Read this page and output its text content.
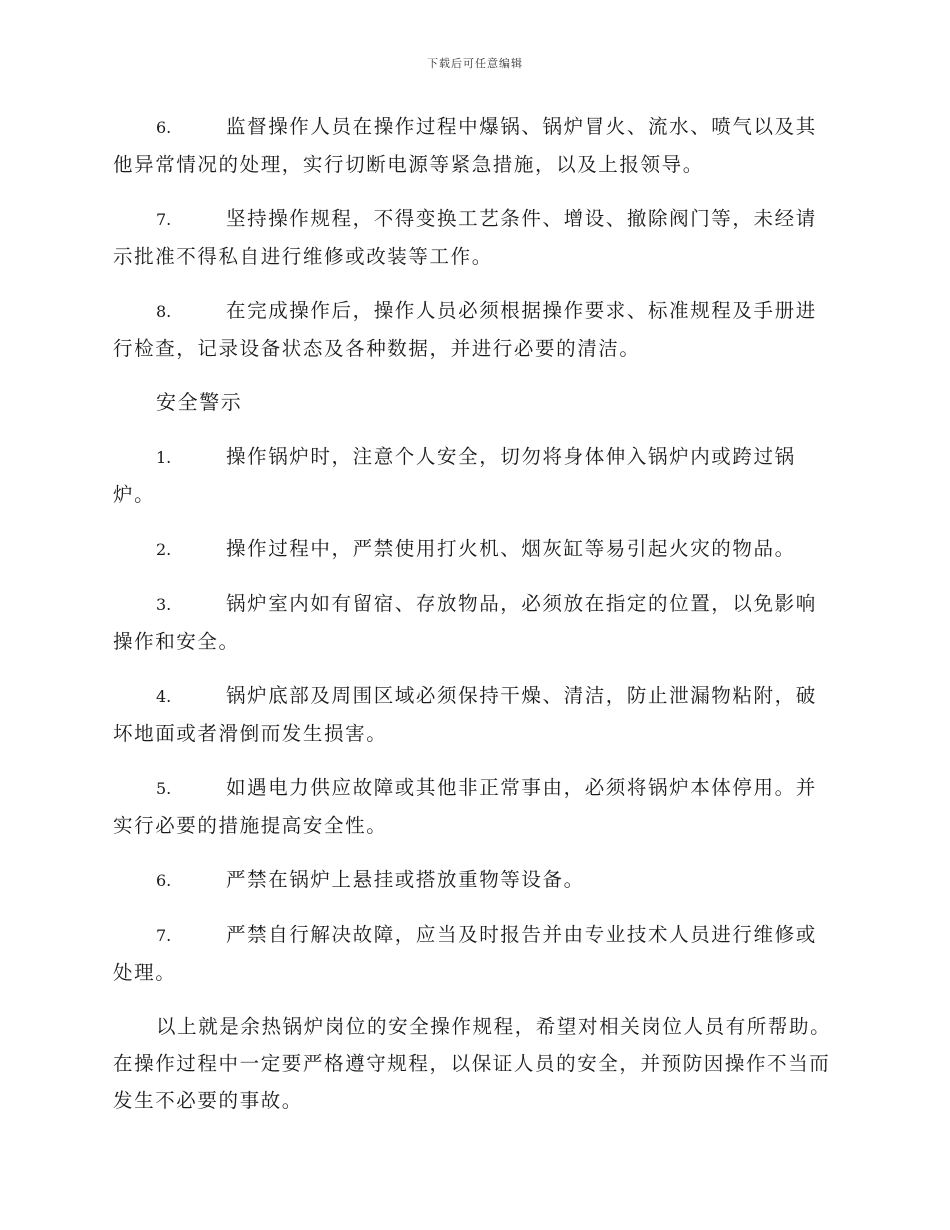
下载后可任意编辑

6.	监督操作人员在操作过程中爆锅、锅炉冒火、流水、喷气以及其他异常情况的处理，实行切断电源等紧急措施，以及上报领导。

7.	坚持操作规程，不得变换工艺条件、增设、撤除阀门等，未经请示批准不得私自进行维修或改装等工作。

8.	在完成操作后，操作人员必须根据操作要求、标准规程及手册进行检查，记录设备状态及各种数据，并进行必要的清洁。

安全警示

1.	操作锅炉时，注意个人安全，切勿将身体伸入锅炉内或跨过锅炉。

2.	操作过程中，严禁使用打火机、烟灰缸等易引起火灾的物品。

3.	锅炉室内如有留宿、存放物品，必须放在指定的位置，以免影响操作和安全。

4.	锅炉底部及周围区域必须保持干燥、清洁，防止泄漏物粘附，破坏地面或者滑倒而发生损害。

5.	如遇电力供应故障或其他非正常事由，必须将锅炉本体停用。并实行必要的措施提高安全性。

6.	严禁在锅炉上悬挂或搭放重物等设备。

7.	严禁自行解决故障，应当及时报告并由专业技术人员进行维修或处理。

以上就是余热锅炉岗位的安全操作规程，希望对相关岗位人员有所帮助。在操作过程中一定要严格遵守规程，以保证人员的安全，并预防因操作不当而发生不必要的事故。
